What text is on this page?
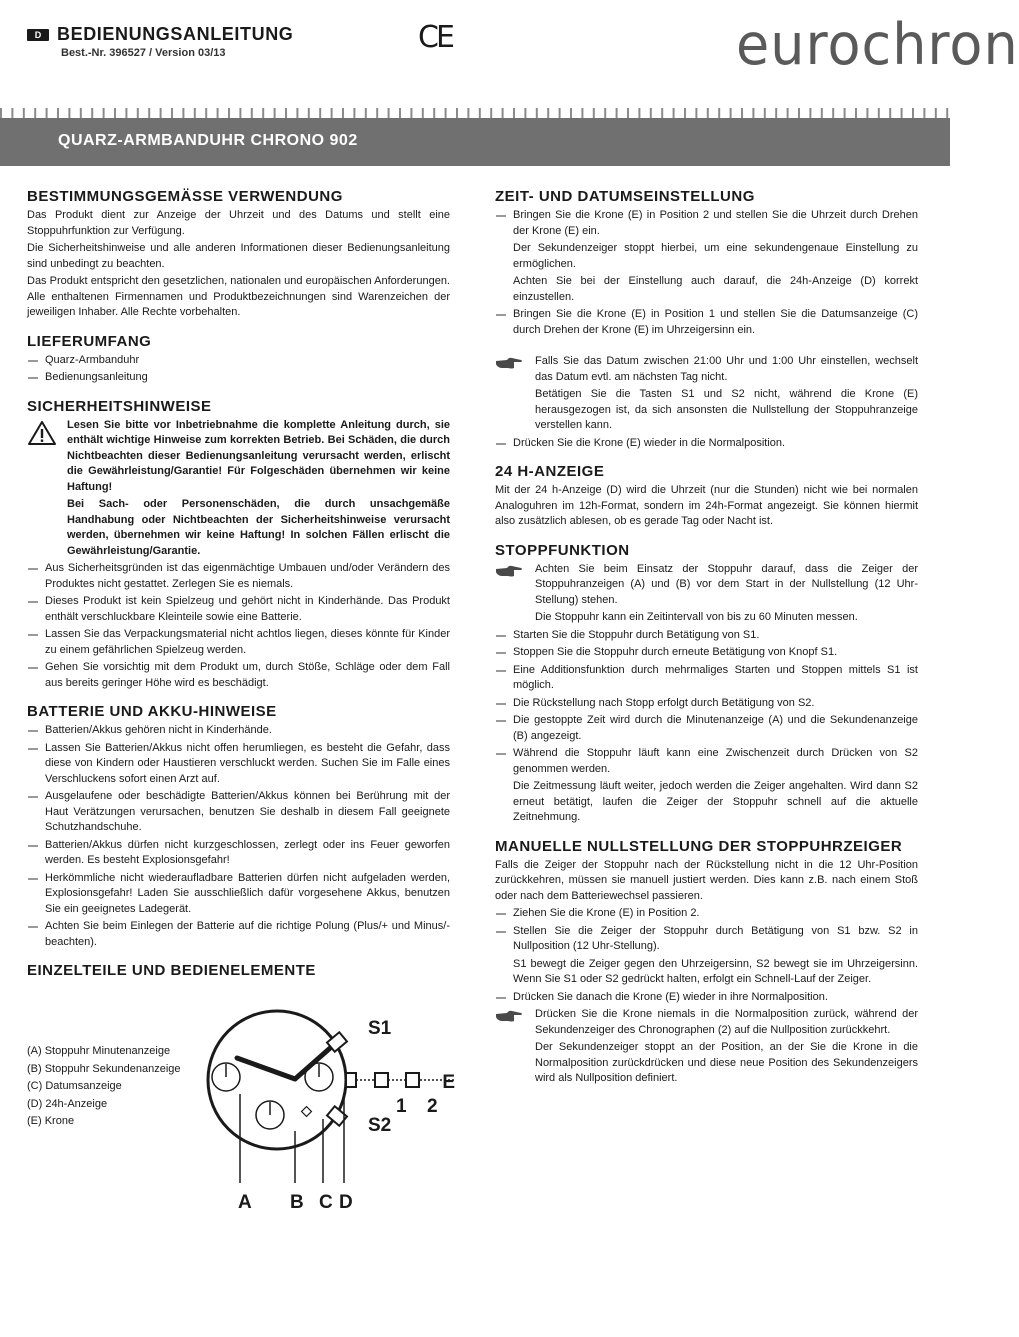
D BEDIENUNGSANLEITUNG
Best.-Nr. 396527 / Version 03/13	CE	eurochron
QUARZ-ARMBANDUHR CHRONO 902
BESTIMMUNGSGEMÄSSE VERWENDUNG

Das Produkt dient zur Anzeige der Uhrzeit und des Datums und stellt eine Stoppuhrfunktion zur Verfügung.

Die Sicherheitshinweise und alle anderen Informationen dieser Bedienungsanleitung sind unbedingt zu beachten.

Das Produkt entspricht den gesetzlichen, nationalen und europäischen Anforderungen. Alle enthaltenen Firmennamen und Produktbezeichnungen sind Warenzeichen der jeweiligen Inhaber. Alle Rechte vorbehalten.

LIEFERUMFANG
Quarz-Armbanduhr
Bedienungsanleitung
SICHERHEITSHINWEISE

Lesen Sie bitte vor Inbetriebnahme die komplette Anleitung durch, sie enthält wichtige Hinweise zum korrekten Betrieb. Bei Schäden, die durch Nichtbeachten dieser Bedienungsanleitung verursacht werden, erlischt die Gewährleistung/Garantie! Für Folgeschäden übernehmen wir keine Haftung!

Bei Sach- oder Personenschäden, die durch unsachgemäße Handhabung oder Nichtbeachten der Sicherheitshinweise verursacht werden, übernehmen wir keine Haftung! In solchen Fällen erlischt die Gewährleistung/Garantie.

Aus Sicherheitsgründen ist das eigenmächtige Umbauen und/oder Verändern des Produktes nicht gestattet. Zerlegen Sie es niemals.
Dieses Produkt ist kein Spielzeug und gehört nicht in Kinderhände. Das Produkt enthält verschluckbare Kleinteile sowie eine Batterie.
Lassen Sie das Verpackungsmaterial nicht achtlos liegen, dieses könnte für Kinder zu einem gefährlichen Spielzeug werden.
Gehen Sie vorsichtig mit dem Produkt um, durch Stöße, Schläge oder dem Fall aus bereits geringer Höhe wird es beschädigt.
BATTERIE UND AKKU-HINWEISE
Batterien/Akkus gehören nicht in Kinderhände.
Lassen Sie Batterien/Akkus nicht offen herumliegen, es besteht die Gefahr, dass diese von Kindern oder Haustieren verschluckt werden. Suchen Sie im Falle eines Verschluckens sofort einen Arzt auf.
Ausgelaufene oder beschädigte Batterien/Akkus können bei Berührung mit der Haut Verätzungen verursachen, benutzen Sie deshalb in diesem Fall geeignete Schutzhandschuhe.
Batterien/Akkus dürfen nicht kurzgeschlossen, zerlegt oder ins Feuer geworfen werden. Es besteht Explosionsgefahr!
Herkömmliche nicht wiederaufladbare Batterien dürfen nicht aufgeladen werden, Explosionsgefahr! Laden Sie ausschließlich dafür vorgesehene Akkus, benutzen Sie ein geeignetes Ladegerät.
Achten Sie beim Einlegen der Batterie auf die richtige Polung (Plus/+ und Minus/- beachten).
EINZELTEILE UND BEDIENELEMENTE
(A) Stoppuhr Minutenanzeige
(B) Stoppuhr Sekundenanzeige
(C) Datumsanzeige
(D) 24h-Anzeige
(E) Krone
S1
S2
E
1 2
A B C D
ZEIT- UND DATUMSEINSTELLUNG
Bringen Sie die Krone (E) in Position 2 und stellen Sie die Uhrzeit durch Drehen der Krone (E) ein.
Der Sekundenzeiger stoppt hierbei, um eine sekundengenaue Einstellung zu ermöglichen.
Achten Sie bei der Einstellung auch darauf, die 24h-Anzeige (D) korrekt einzustellen.
Bringen Sie die Krone (E) in Position 1 und stellen Sie die Datumsanzeige (C) durch Drehen der Krone (E) im Uhrzeigersinn ein.
Falls Sie das Datum zwischen 21:00 Uhr und 1:00 Uhr einstellen, wechselt das Datum evtl. am nächsten Tag nicht.
Betätigen Sie die Tasten S1 und S2 nicht, während die Krone (E) herausgezogen ist, da sich ansonsten die Nullstellung der Stoppuhranzeige verstellen kann.
Drücken Sie die Krone (E) wieder in die Normalposition.
24 H-ANZEIGE

Mit der 24 h-Anzeige (D) wird die Uhrzeit (nur die Stunden) nicht wie bei normalen Analoguhren im 12h-Format, sondern im 24h-Format angezeigt. Sie können hiermit also zusätzlich ablesen, ob es gerade Tag oder Nacht ist.

STOPPFUNKTION
Achten Sie beim Einsatz der Stoppuhr darauf, dass die Zeiger der Stoppuhranzeigen (A) und (B) vor dem Start in der Nullstellung (12 Uhr-Stellung) stehen.
Die Stoppuhr kann ein Zeitintervall von bis zu 60 Minuten messen.
Starten Sie die Stoppuhr durch Betätigung von S1.
Stoppen Sie die Stoppuhr durch erneute Betätigung von Knopf S1.
Eine Additionsfunktion durch mehrmaliges Starten und Stoppen mittels S1 ist möglich.
Die Rückstellung nach Stopp erfolgt durch Betätigung von S2.
Die gestoppte Zeit wird durch die Minutenanzeige (A) und die Sekundenanzeige (B) angezeigt.
Während die Stoppuhr läuft kann eine Zwischenzeit durch Drücken von S2 genommen werden.
Die Zeitmessung läuft weiter, jedoch werden die Zeiger angehalten. Wird dann S2 erneut betätigt, laufen die Zeiger der Stoppuhr schnell auf die aktuelle Zeitnehmung.
MANUELLE NULLSTELLUNG DER STOPPUHRZEIGER

Falls die Zeiger der Stoppuhr nach der Rückstellung nicht in die 12 Uhr-Position zurückkehren, müssen sie manuell justiert werden. Dies kann z.B. nach einem Stoß oder nach dem Batteriewechsel passieren.

Ziehen Sie die Krone (E) in Position 2.
Stellen Sie die Zeiger der Stoppuhr durch Betätigung von S1 bzw. S2 in Nullposition (12 Uhr-Stellung).
S1 bewegt die Zeiger gegen den Uhrzeigersinn, S2 bewegt sie im Uhrzeigersinn. Wenn Sie S1 oder S2 gedrückt halten, erfolgt ein Schnell-Lauf der Zeiger.
Drücken Sie danach die Krone (E) wieder in ihre Normalposition.
Drücken Sie die Krone niemals in die Normalposition zurück, während der Sekundenzeiger des Chronographen (2) auf die Nullposition zurückkehrt.
Der Sekundenzeiger stoppt an der Position, an der Sie die Krone in die Normalposition zurückdrücken und diese neue Position des Sekundenzeigers wird als Nullposition definiert.
